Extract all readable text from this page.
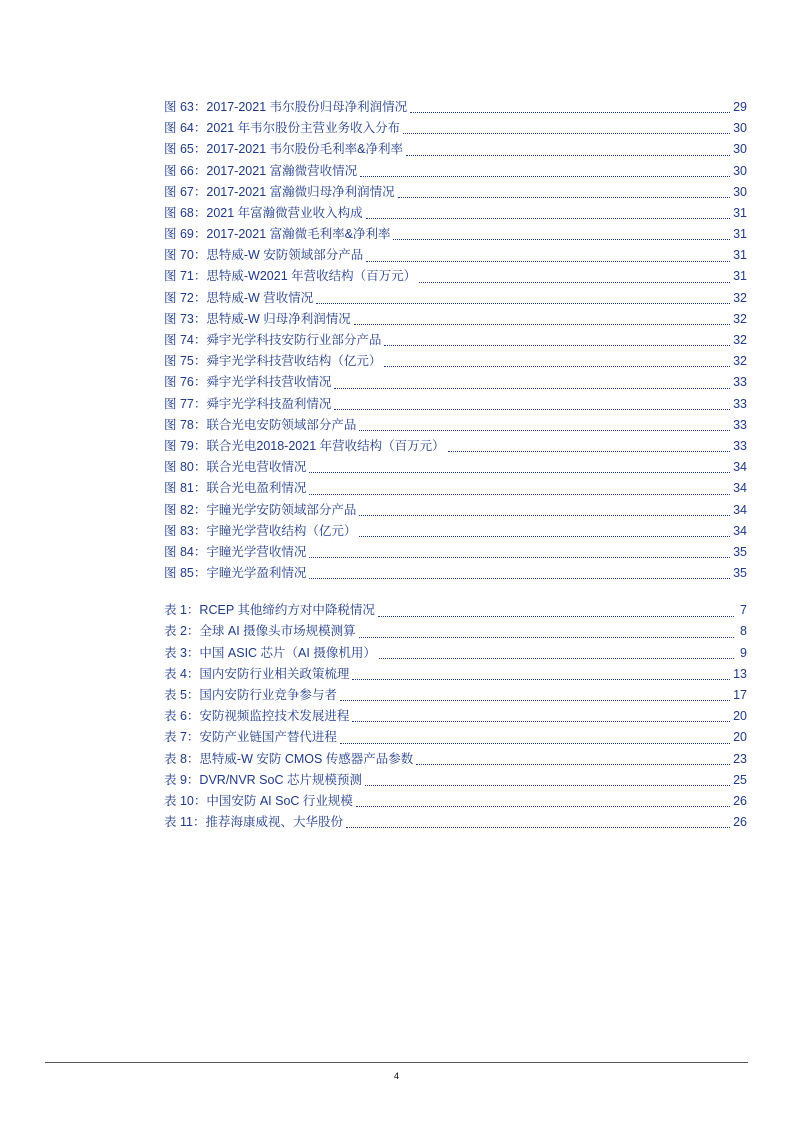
图 63：2017-2021 韦尔股份归母净利润情况	29
图 64：2021 年韦尔股份主营业务收入分布	30
图 65：2017-2021 韦尔股份毛利率&净利率	30
图 66：2017-2021 富瀚微营收情况	30
图 67：2017-2021 富瀚微归母净利润情况	30
图 68：2021 年富瀚微营业收入构成	31
图 69：2017-2021 富瀚微毛利率&净利率	31
图 70：思特威-W 安防领域部分产品	31
图 71：思特威-W2021 年营收结构（百万元）	31
图 72：思特威-W 营收情况	32
图 73：思特威-W 归母净利润情况	32
图 74：舜宇光学科技安防行业部分产品	32
图 75：舜宇光学科技营收结构（亿元）	32
图 76：舜宇光学科技营收情况	33
图 77：舜宇光学科技盈利情况	33
图 78：联合光电安防领域部分产品	33
图 79：联合光电2018-2021 年营收结构（百万元）	33
图 80：联合光电营收情况	34
图 81：联合光电盈利情况	34
图 82：宇瞳光学安防领域部分产品	34
图 83：宇瞳光学营收结构（亿元）	34
图 84：宇瞳光学营收情况	35
图 85：宇瞳光学盈利情况	35
表 1：RCEP 其他缔约方对中降税情况	7
表 2：全球 AI 摄像头市场规模测算	8
表 3：中国 ASIC 芯片（AI 摄像机用）	9
表 4：国内安防行业相关政策梳理	13
表 5：国内安防行业竞争参与者	17
表 6：安防视频监控技术发展进程	20
表 7：安防产业链国产替代进程	20
表 8：思特威-W 安防 CMOS 传感器产品参数	23
表 9：DVR/NVR SoC 芯片规模预测	25
表 10：中国安防 AI SoC 行业规模	26
表 11：推荐海康威视、大华股份	26
4
